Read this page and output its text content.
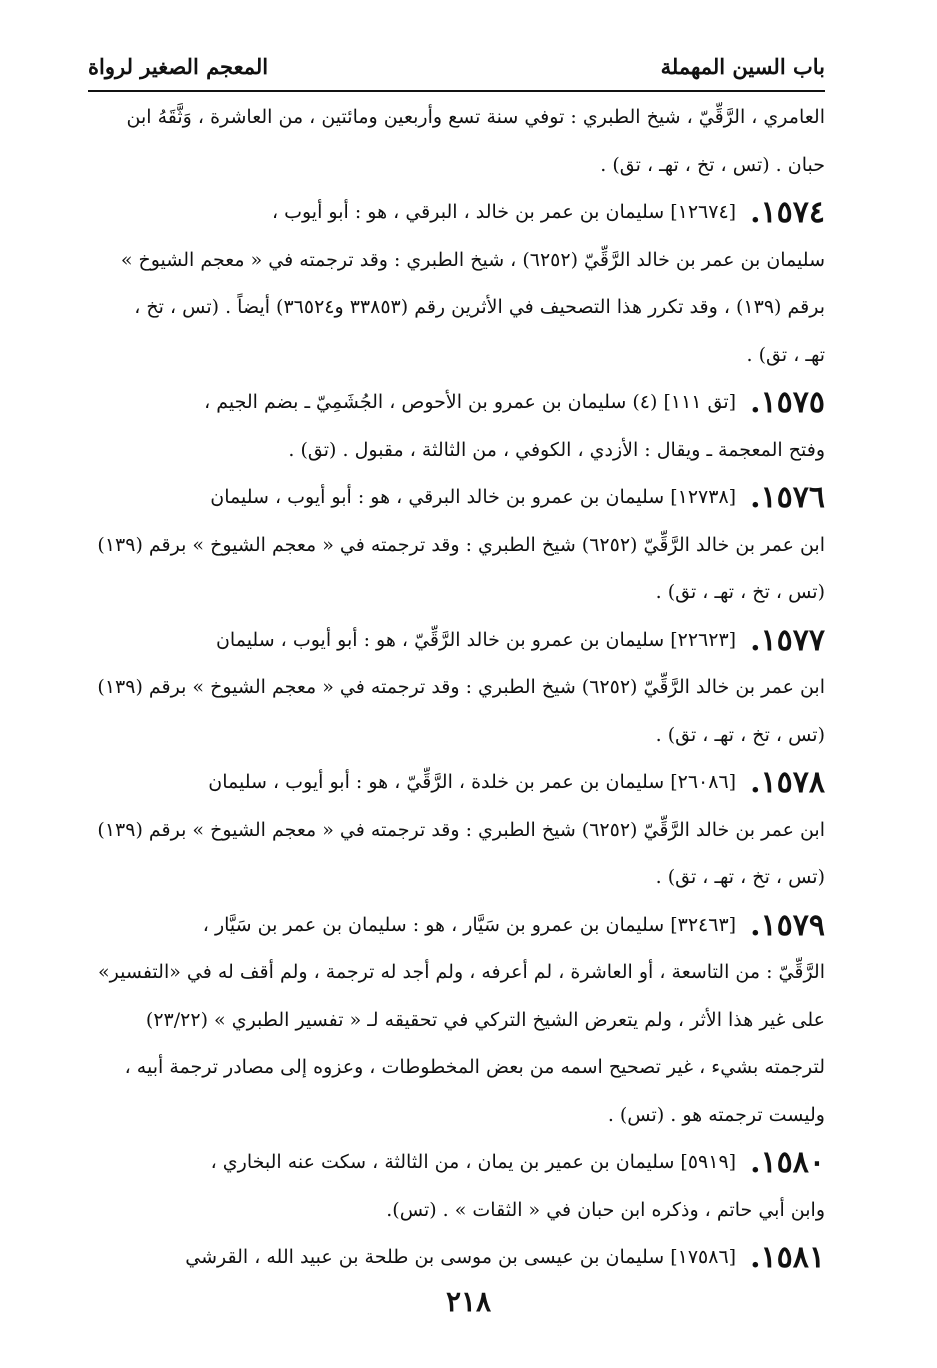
باب السين المهملة
المعجم الصغير لرواة
العامري ، الرَّقِّيّ ، شيخ الطبري : توفي سنة تسع وأربعين ومائتين ، من العاشرة ، وَثَّقَهُ ابن
حبان . (تس ، تخ ، تهـ ، تق) .
١٥٧٤.
[١٢٦٧٤] سليمان بن عمر بن خالد ، البرقي ، هو : أبو أيوب ،
سليمان بن عمر بن خالد الرَّقِّيّ (٦٢٥٢) ، شيخ الطبري : وقد ترجمته في « معجم الشيوخ »
برقم (١٣٩) ، وقد تكرر هذا التصحيف في الأثرين رقم (٣٣٨٥٣ و٣٦٥٢٤) أيضاً . (تس ، تخ ،
تهـ ، تق) .
١٥٧٥.
[تق ١١١] (٤) سليمان بن عمرو بن الأحوص ، الجُشَمِيّ ـ بضم الجيم ،
وفتح المعجمة ـ ويقال : الأزدي ، الكوفي ، من الثالثة ، مقبول . (تق) .
١٥٧٦.
[١٢٧٣٨] سليمان بن عمرو بن خالد البرقي ، هو : أبو أيوب ، سليمان
ابن عمر بن خالد الرَّقِّيّ (٦٢٥٢) شيخ الطبري : وقد ترجمته في « معجم الشيوخ » برقم (١٣٩)
(تس ، تخ ، تهـ ، تق) .
١٥٧٧.
[٢٢٦٢٣] سليمان بن عمرو بن خالد الرَّقِّيّ ، هو : أبو أيوب ، سليمان
ابن عمر بن خالد الرَّقِّيّ (٦٢٥٢) شيخ الطبري : وقد ترجمته في « معجم الشيوخ » برقم (١٣٩)
(تس ، تخ ، تهـ ، تق) .
١٥٧٨.
[٢٦٠٨٦] سليمان بن عمر بن خلدة ، الرَّقِّيّ ، هو : أبو أيوب ، سليمان
ابن عمر بن خالد الرَّقِّيّ (٦٢٥٢) شيخ الطبري : وقد ترجمته في « معجم الشيوخ » برقم (١٣٩)
(تس ، تخ ، تهـ ، تق) .
١٥٧٩.
[٣٢٤٦٣] سليمان بن عمرو بن سَيَّار ، هو : سليمان بن عمر بن سَيَّار ،
الرَّقِّيّ : من التاسعة ، أو العاشرة ، لم أعرفه ، ولم أجد له ترجمة ، ولم أقف له في «التفسير»
على غير هذا الأثر ، ولم يتعرض الشيخ التركي في تحقيقه لـ « تفسير الطبري » (٢٣/٢٢)
لترجمته بشيء ، غير تصحيح اسمه من بعض المخطوطات ، وعزوه إلى مصادر ترجمة أبيه ،
وليست ترجمته هو . (تس) .
١٥٨٠.
[٥٩١٩] سليمان بن عمير بن يمان ، من الثالثة ، سكت عنه البخاري ،
وابن أبي حاتم ، وذكره ابن حبان في « الثقات » . (تس).
١٥٨١.
[١٧٥٨٦] سليمان بن عيسى بن موسى بن طلحة بن عبيد الله ، القرشي
٢١٨
